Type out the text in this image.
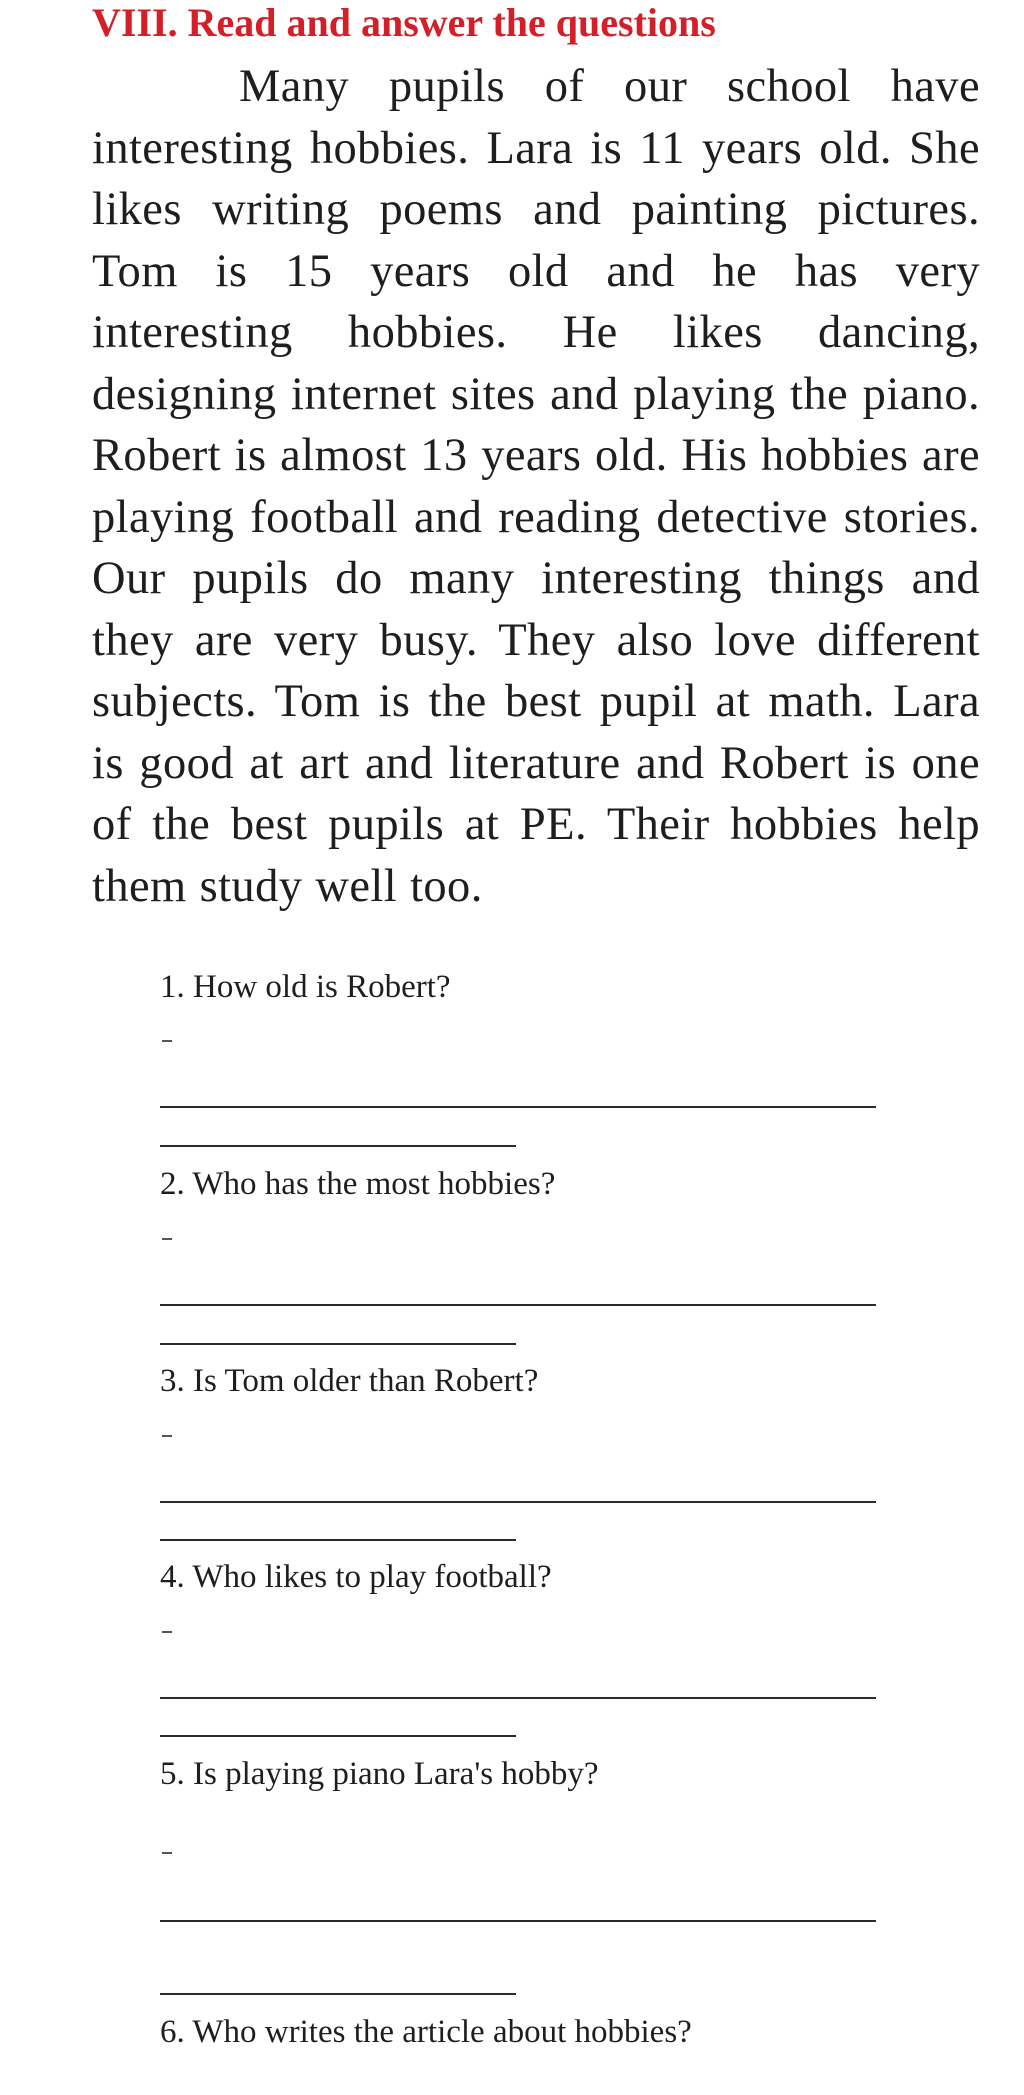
VIII. Read and answer the questions

Many pupils of our school have interesting hobbies. Lara is 11 years old. She likes writing poems and painting pictures. Tom is 15 years old and he has very interesting hobbies. He likes dancing, designing internet sites and playing the piano. Robert is almost 13 years old. His hobbies are playing football and reading detective stories. Our pupils do many interesting things and they are very busy. They also love different subjects. Tom is the best pupil at math. Lara is good at art and literature and Robert is one of the best pupils at PE. Their hobbies help them study well too.

1. How old is Robert?

2. Who has the most hobbies?

3. Is Tom older than Robert?

4. Who likes to play football?

5. Is playing piano Lara's hobby?

6. Who writes the article about hobbies?
